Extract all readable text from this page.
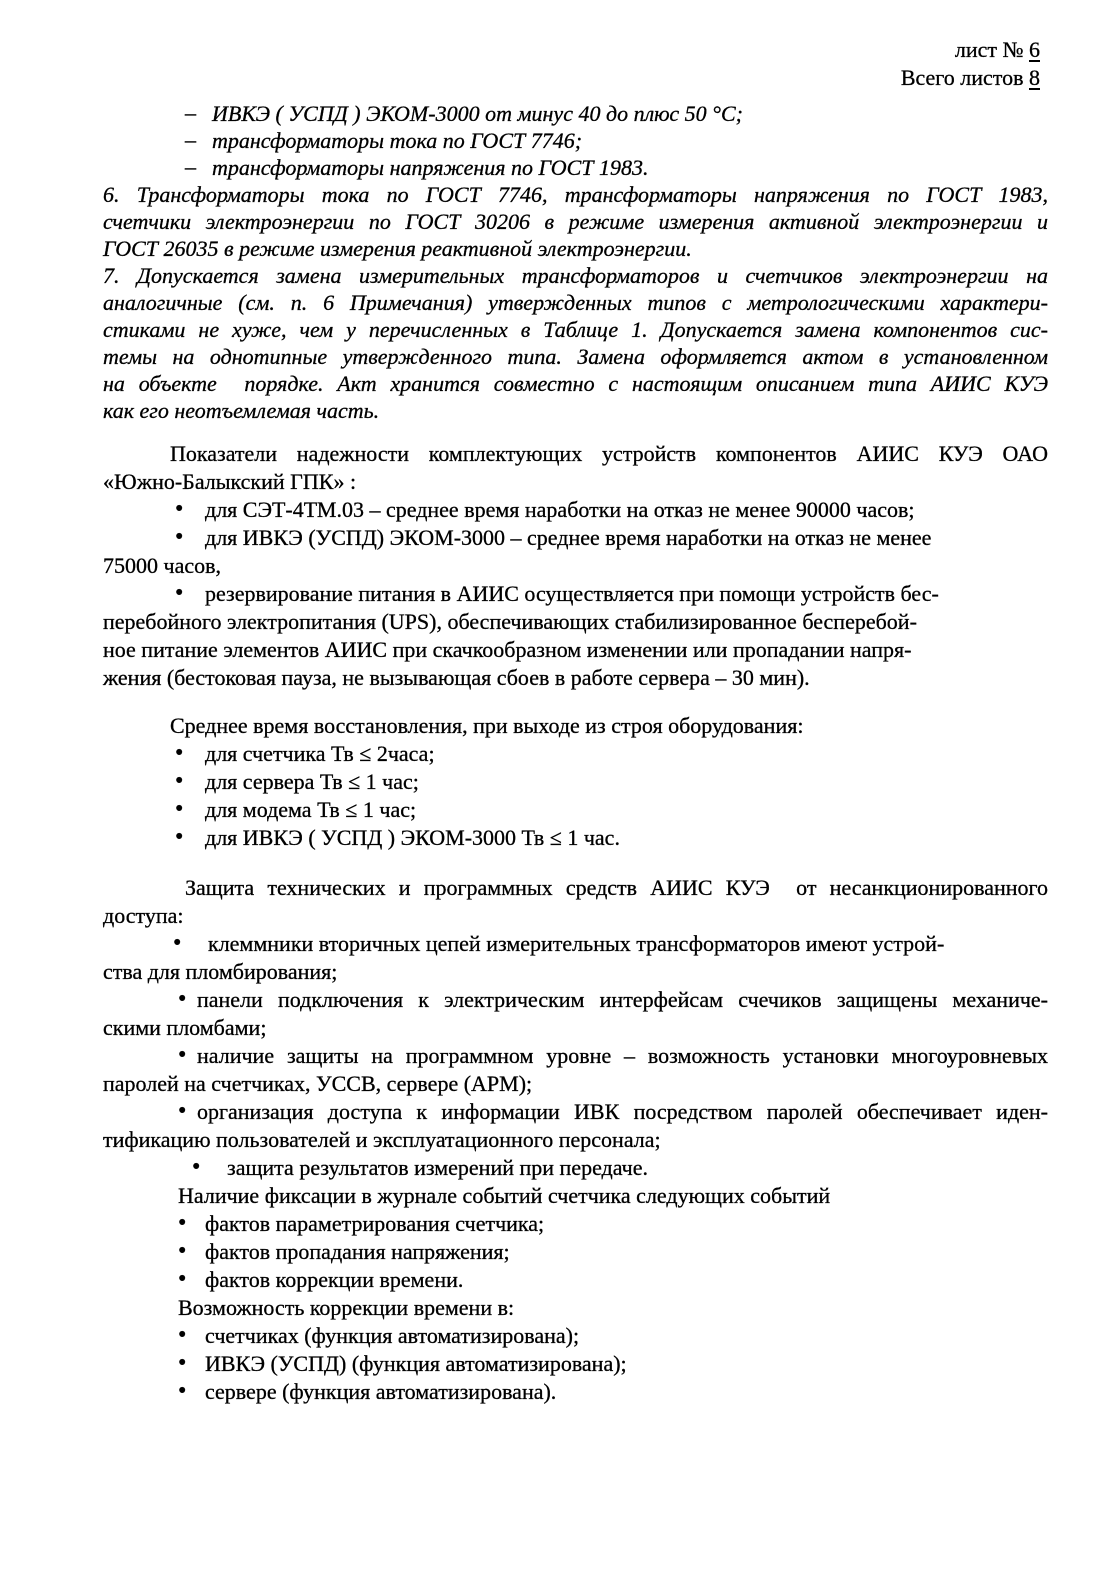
лист № 6
Всего листов 8
– ИВКЭ ( УСПД ) ЭКОМ-3000 от минус 40 до плюс 50 °С;
– трансформаторы тока по ГОСТ 7746;
– трансформаторы напряжения по ГОСТ 1983.
6. Трансформаторы тока по ГОСТ 7746, трансформаторы напряжения по ГОСТ 1983,
счетчики электроэнергии по ГОСТ 30206 в режиме измерения активной электроэнергии и
ГОСТ 26035 в режиме измерения реактивной электроэнергии.
7. Допускается замена измерительных трансформаторов и счетчиков электроэнергии на
аналогичные (см. п. 6 Примечания) утвержденных типов с метрологическими характери-
стиками не хуже, чем у перечисленных в Таблице 1. Допускается замена компонентов сис-
темы на однотипные утвержденного типа. Замена оформляется актом в установленном
на объекте  порядке. Акт хранится совместно с настоящим описанием типа АИИС КУЭ
как его неотъемлемая часть.
Показатели надежности комплектующих устройств компонентов АИИС КУЭ ОАО
«Южно-Балыкский ГПК» :
• для СЭТ-4ТМ.03 – среднее время наработки на отказ не менее 90000 часов;
• для ИВКЭ (УСПД) ЭКОМ-3000 – среднее время наработки на отказ не менее
75000 часов,
• резервирование питания в АИИС осуществляется при помощи устройств бес-
перебойного электропитания (UPS), обеспечивающих стабилизированное бесперебой-
ное питание элементов АИИС при скачкообразном изменении или пропадании напря-
жения (бестоковая пауза, не вызывающая сбоев в работе сервера – 30 мин).
Среднее время восстановления, при выходе из строя оборудования:
• для счетчика Тв ≤ 2часа;
• для сервера Тв ≤ 1 час;
• для модема Тв ≤ 1 час;
• для ИВКЭ ( УСПД ) ЭКОМ-3000 Тв ≤ 1 час.
Защита технических и программных средств АИИС КУЭ  от несанкционированного
доступа:
• клеммники вторичных цепей измерительных трансформаторов имеют устрой-
ства для пломбирования;
• панели подключения к электрическим интерфейсам счечиков защищены механиче-
скими пломбами;
• наличие защиты на программном уровне – возможность установки многоуровневых
паролей на счетчиках, УССВ, сервере (АРМ);
• организация доступа к информации ИВК посредством паролей обеспечивает иден-
тификацию пользователей и эксплуатационного персонала;
• защита результатов измерений при передаче.
Наличие фиксации в журнале событий счетчика следующих событий
• фактов параметрирования счетчика;
• фактов пропадания напряжения;
• фактов коррекции времени.
Возможность коррекции времени в:
• счетчиках (функция автоматизирована);
• ИВКЭ (УСПД) (функция автоматизирована);
• сервере (функция автоматизирована).
